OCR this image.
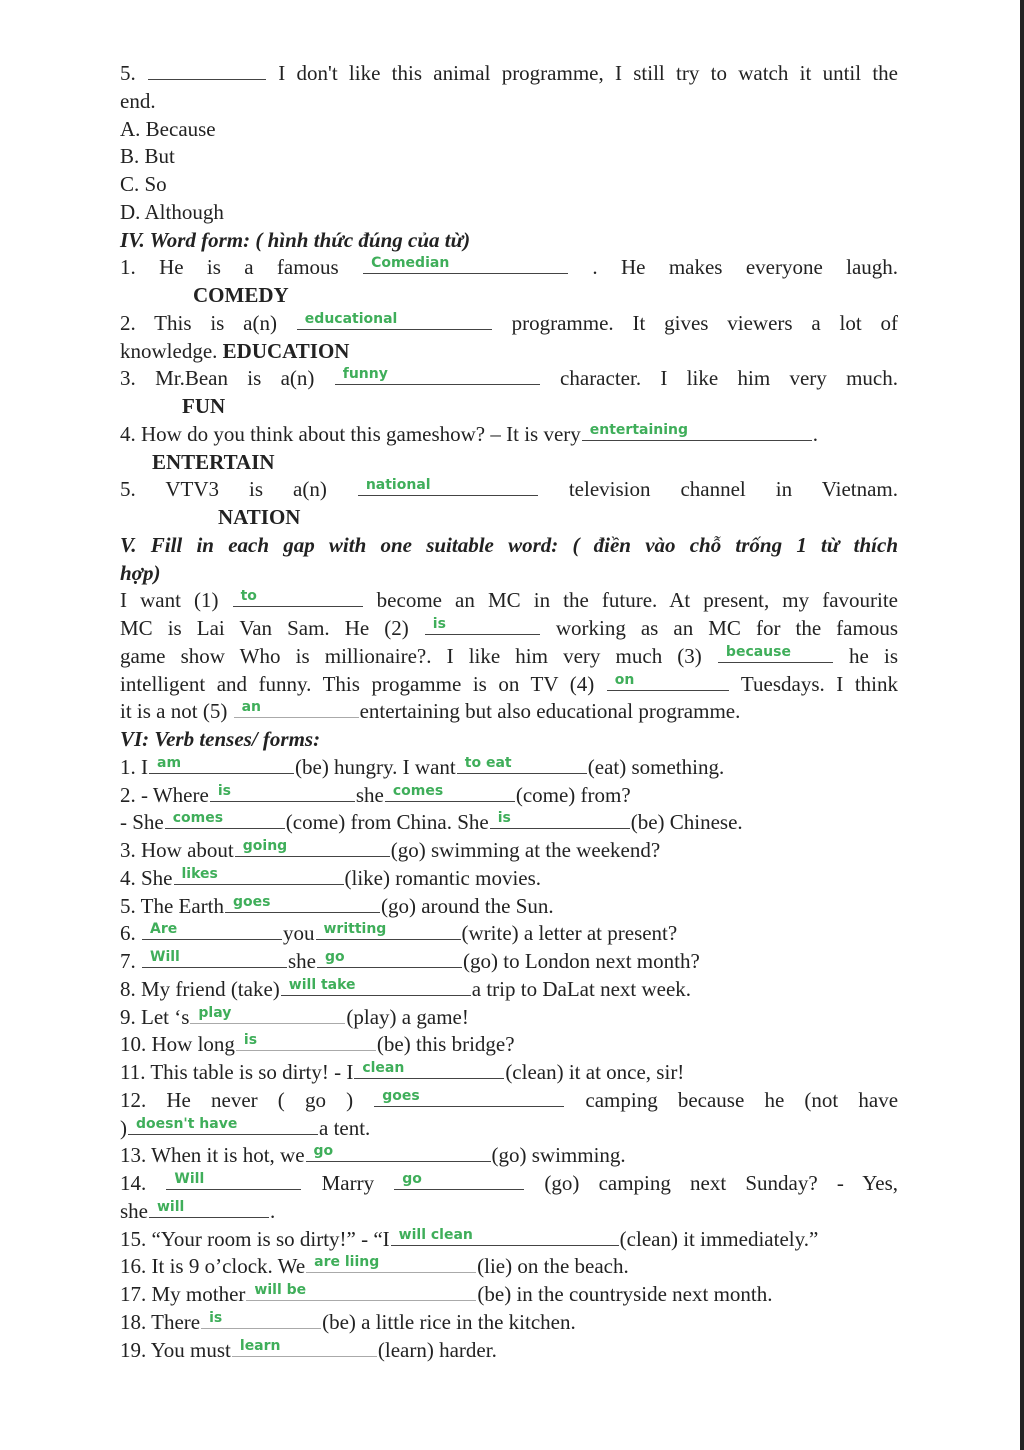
5.	I don't like this animal programme, I still try to watch it until the
end.
A. Because
B. But
C. So
D. Although
IV. Word form: ( hình thức đúng của từ)
1. He is a famous Comedian	. He makes everyone laugh.
COMEDY
2. This is a(n) educational	programme. It gives viewers a lot of
knowledge. EDUCATION
3. Mr.Bean is a(n) funny	character. I like him very much.
FUN
4. How do you think about this gameshow? – It is very entertaining	.
ENTERTAIN
5. VTV3 is a(n)	national	television channel in Vietnam.
NATION
V. Fill in each gap with one suitable word: ( điền vào chỗ trống 1 từ thích
hợp)
I want (1) to	become an MC in the future. At present, my favourite
MC is Lai Van Sam. He (2) is	working as an MC for the famous
game show Who is millionaire?. I like him very much (3) because	he is
intelligent and funny. This progamme is on TV (4) on	Tuesdays. I think
it is a not (5) an	entertaining but also educational programme.
VI: Verb tenses/ forms:
1. I am	(be) hungry. I want to eat	(eat) something.
2. - Where is	she comes	(come) from?
- She comes	(come) from China. She is	(be) Chinese.
3. How about going	(go) swimming at the weekend?
4. She likes	(like) romantic movies.
5. The Earth goes	(go) around the Sun.
6. Are	you writting	(write) a letter at present?
7. Will	she go	(go) to London next month?
8. My friend (take) will take	a trip to DaLat next week.
9. Let ‘s play	(play) a game!
10. How long is	(be) this bridge?
11. This table is so dirty! - I clean	(clean) it at once, sir!
12. He never ( go ) goes	camping because he (not have
) doesn't have	a tent.
13. When it is hot, we go	(go) swimming.
14. Will	Marry go	(go) camping next Sunday? - Yes,
she will	.
15. “Your room is so dirty!” - “I will clean	(clean) it immediately.”
16. It is 9 o’clock. We are liing	(lie) on the beach.
17. My mother will be	(be) in the countryside next month.
18. There is	(be) a little rice in the kitchen.
19. You must learn	(learn) harder.
